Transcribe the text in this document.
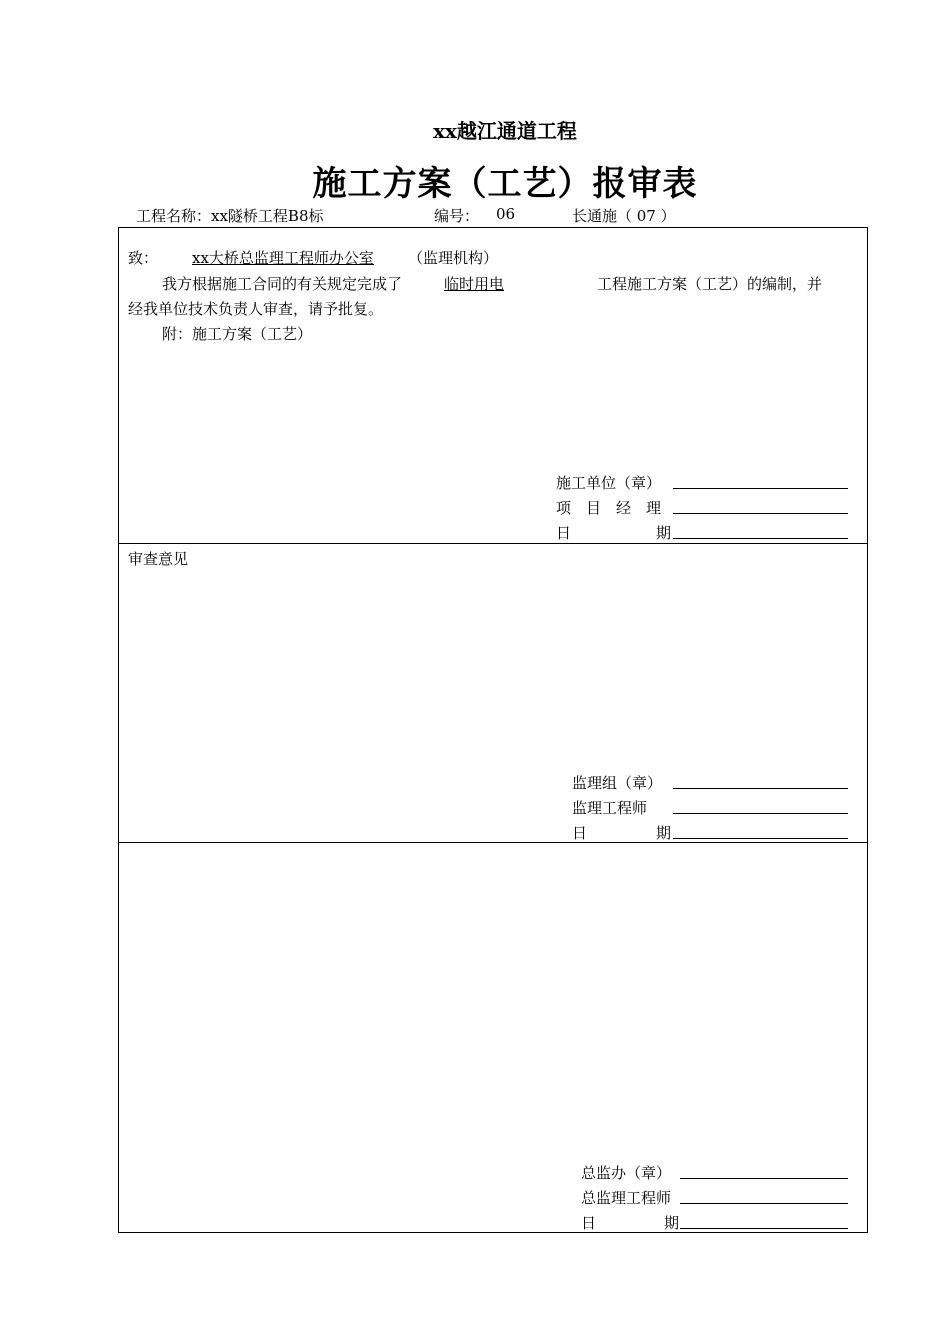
xx越江通道工程
施工方案（工艺）报审表
工程名称：xx隧桥工程B8标	编号： 06	长通施（ 07 ）
致： xx大桥总监理工程师办公室 （监理机构）
我方根据施工合同的有关规定完成了	临时用电	工程施工方案（工艺）的编制，并
经我单位技术负责人审查，请予批复。
附：施工方案（工艺）
施工单位（章）
项　目　经　理
日	期
审查意见
监理组（章）
监理工程师
日	期
总监办（章）
总监理工程师
日	期
